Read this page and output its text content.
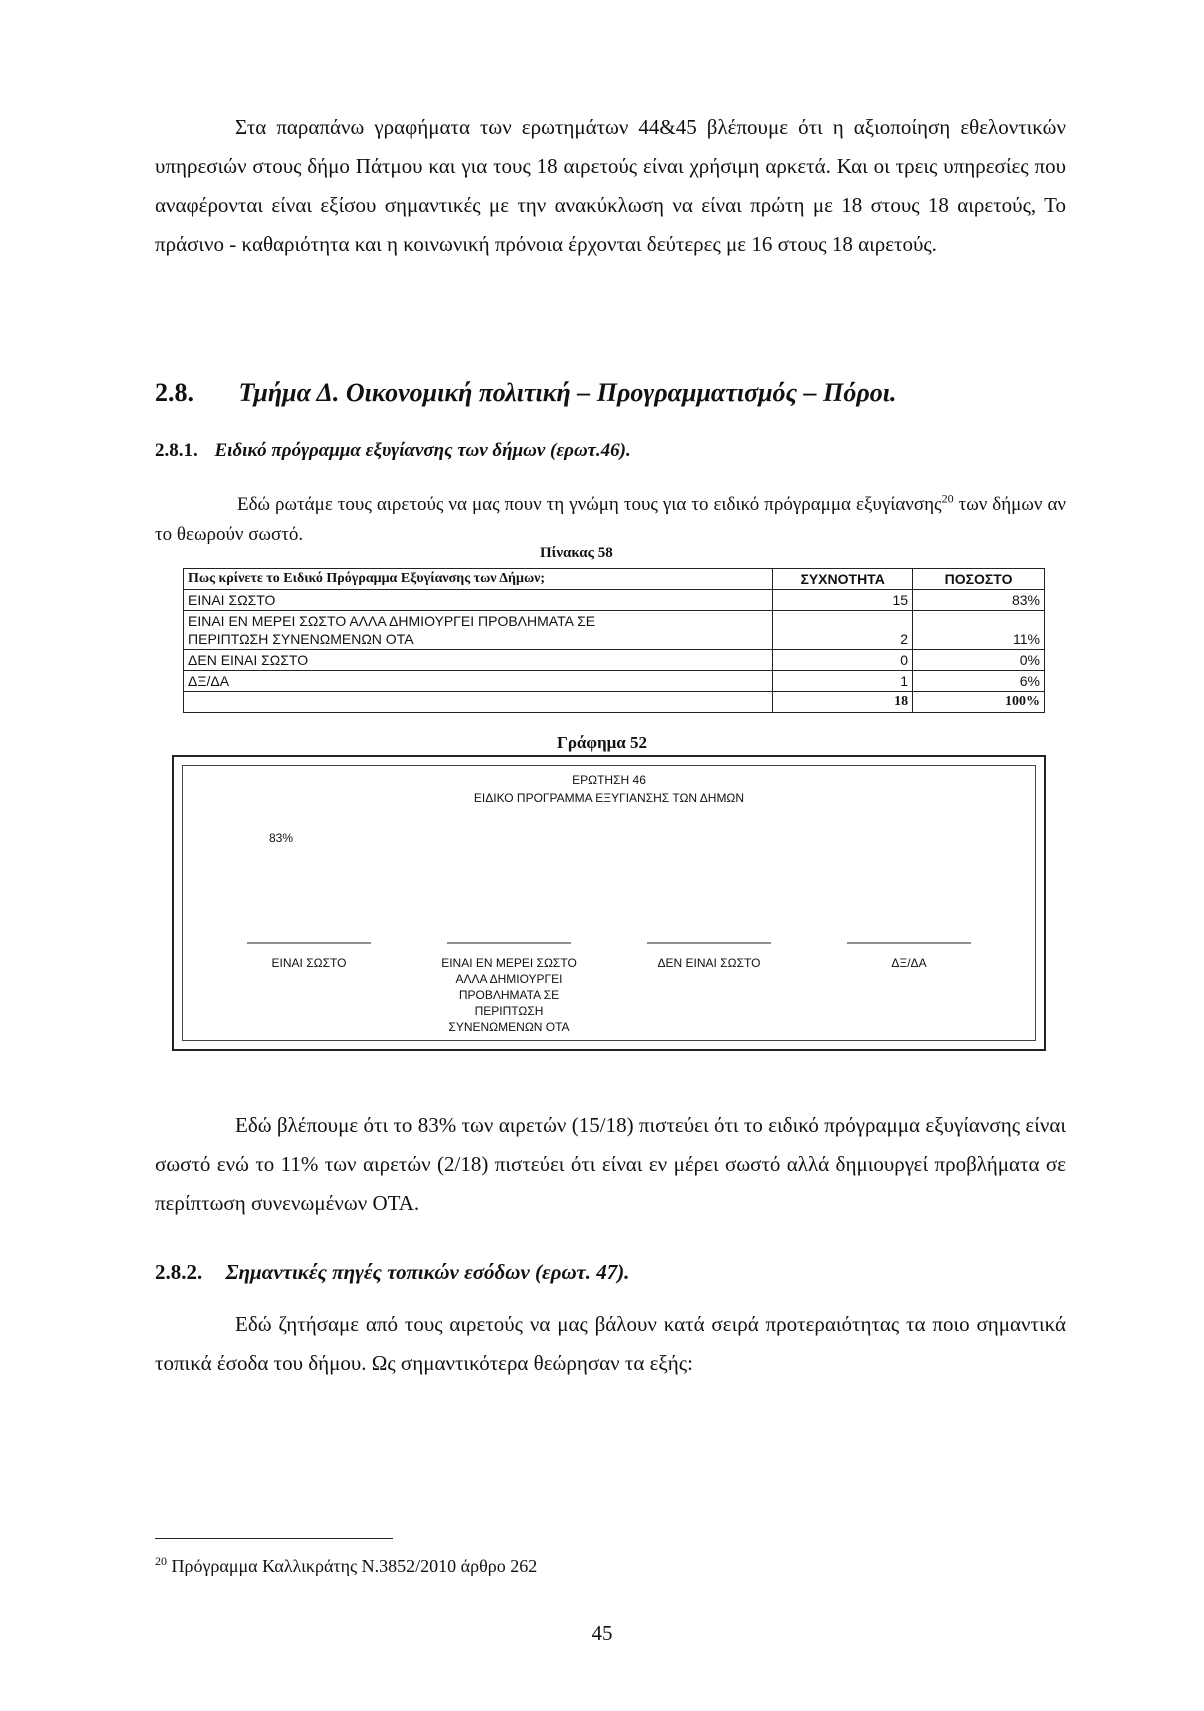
Στα παραπάνω γραφήματα των ερωτημάτων 44&45 βλέπουμε ότι η αξιοποίηση εθελοντικών υπηρεσιών στους δήμο Πάτμου και για τους 18 αιρετούς είναι χρήσιμη αρκετά. Και οι τρεις υπηρεσίες που αναφέρονται είναι εξίσου σημαντικές με την ανακύκλωση να είναι πρώτη με 18 στους 18 αιρετούς, Το πράσινο - καθαριότητα και η κοινωνική πρόνοια έρχονται δεύτερες με 16 στους 18 αιρετούς.
2.8. Τμήμα Δ. Οικονομική πολιτική – Προγραμματισμός – Πόροι.
2.8.1. Ειδικό πρόγραμμα εξυγίανσης των δήμων (ερωτ.46).
Εδώ ρωτάμε τους αιρετούς να μας πουν τη γνώμη τους για το ειδικό πρόγραμμα εξυγίανσης$^{20}$ των δήμων αν το θεωρούν σωστό.
Πίνακας 58
Πως κρίνετε το Ειδικό Πρόγραμμα Εξυγίανσης των Δήμων;	ΣΥΧΝΟΤΗΤΑ	ΠΟΣΟΣΤΟ
ΕΙΝΑΙ ΣΩΣΤΟ	15	83%
ΕΙΝΑΙ ΕΝ ΜΕΡΕΙ ΣΩΣΤΟ ΑΛΛΑ ΔΗΜΙΟΥΡΓΕΙ ΠΡΟΒΛΗΜΑΤΑ ΣΕ
ΠΕΡΙΠΤΩΣΗ ΣΥΝΕΝΩΜΕΝΩΝ ΟΤΑ	2	11%
ΔΕΝ ΕΙΝΑΙ ΣΩΣΤΟ	0	0%
ΔΞ/ΔΑ	1	6%
	18	100%
Γράφημα 52
ΕΡΩΤΗΣΗ 46
ΕΙΔΙΚΟ ΠΡΟΓΡΑΜΜΑ ΕΞΥΓΙΑΝΣΗΣ ΤΩΝ ΔΗΜΩΝ
83%
ΕΙΝΑΙ ΣΩΣΤΟ	ΕΙΝΑΙ ΕΝ ΜΕΡΕΙ ΣΩΣΤΟ
ΑΛΛΑ ΔΗΜΙΟΥΡΓΕΙ
ΠΡΟΒΛΗΜΑΤΑ ΣΕ
ΠΕΡΙΠΤΩΣΗ
ΣΥΝΕΝΩΜΕΝΩΝ ΟΤΑ
ΔΕΝ ΕΙΝΑΙ ΣΩΣΤΟ	ΔΞ/ΔΑ
Εδώ βλέπουμε ότι το 83% των αιρετών (15/18) πιστεύει ότι το ειδικό πρόγραμμα εξυγίανσης είναι σωστό ενώ το 11% των αιρετών (2/18) πιστεύει ότι είναι εν μέρει σωστό αλλά δημιουργεί προβλήματα σε περίπτωση συνενωμένων ΟΤΑ.
2.8.2. Σημαντικές πηγές τοπικών εσόδων (ερωτ. 47).
Εδώ ζητήσαμε από τους αιρετούς να μας βάλουν κατά σειρά προτεραιότητας τα ποιο σημαντικά τοπικά έσοδα του δήμου. Ως σημαντικότερα θεώρησαν τα εξής:
$^{20}$ Πρόγραμμα Καλλικράτης Ν.3852/2010 άρθρο 262
45
